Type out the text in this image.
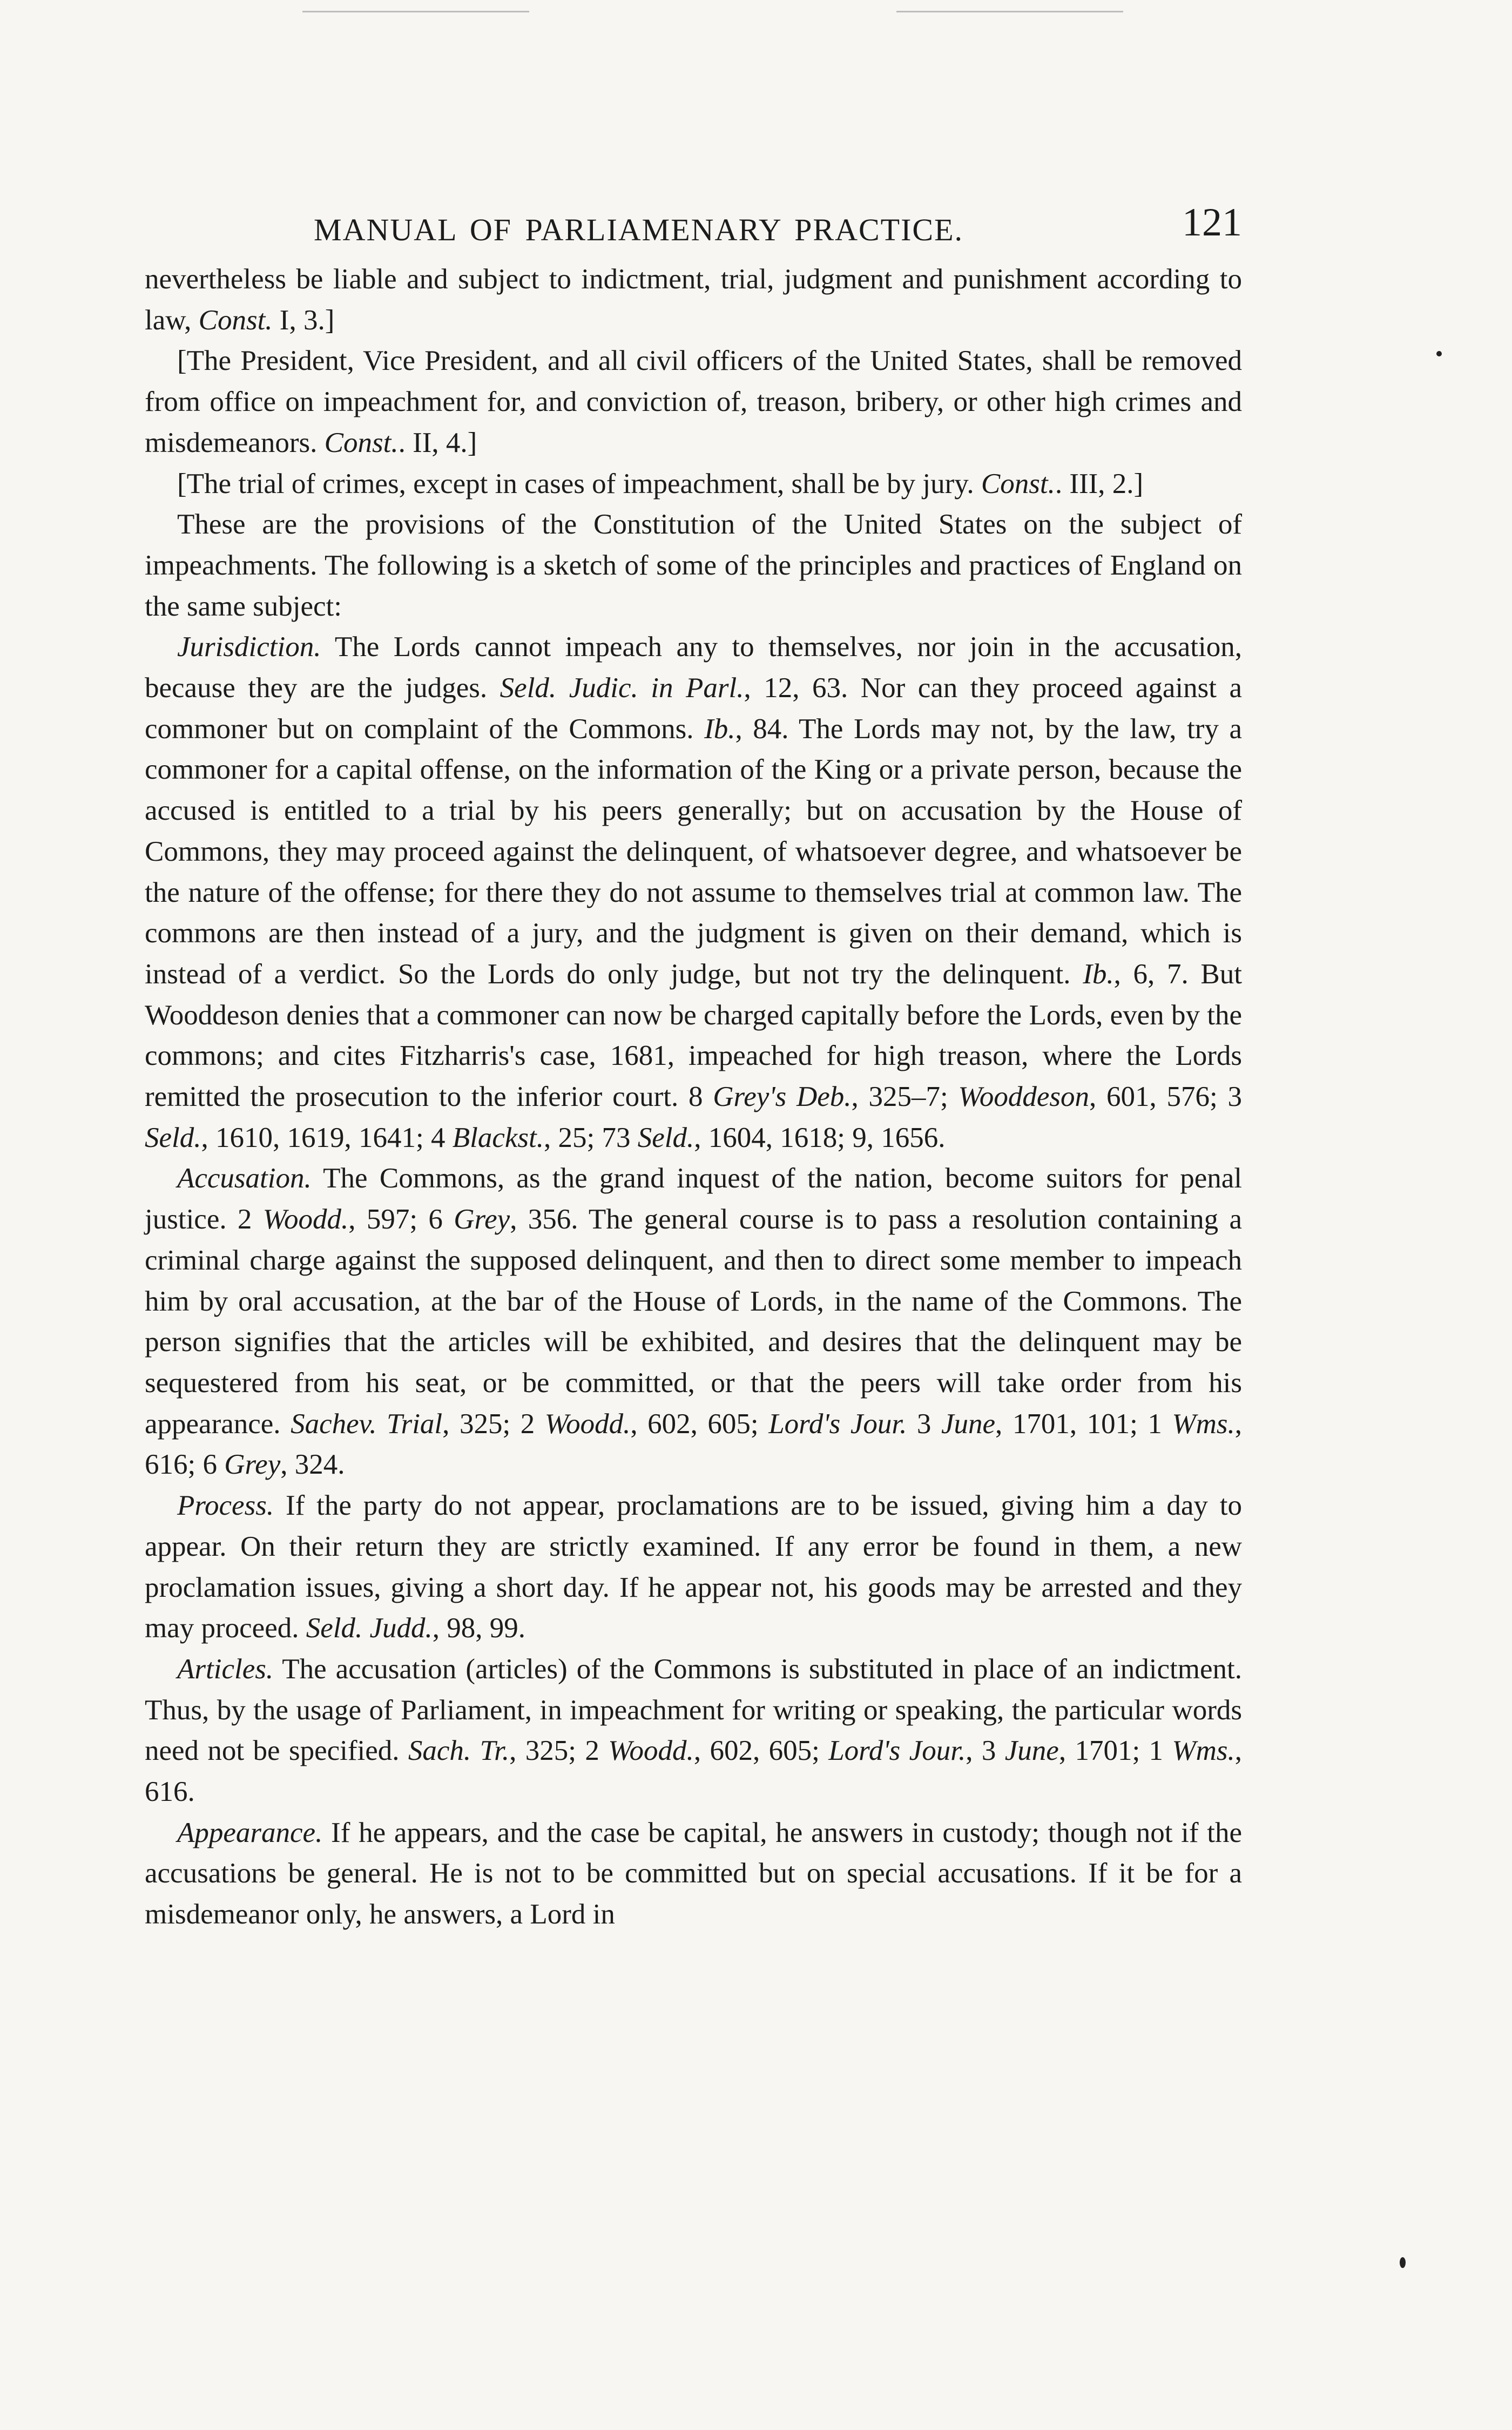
MANUAL OF PARLIAMENARY PRACTICE.	121

nevertheless be liable and subject to indictment, trial, judgment and punishment according to law, Const. I, 3.]

[The President, Vice President, and all civil officers of the United States, shall be removed from office on impeachment for, and conviction of, treason, bribery, or other high crimes and misdemeanors. Const.. II, 4.]

[The trial of crimes, except in cases of impeachment, shall be by jury. Const.. III, 2.]

These are the provisions of the Constitution of the United States on the subject of impeachments. The following is a sketch of some of the principles and practices of England on the same subject:

Jurisdiction. The Lords cannot impeach any to themselves, nor join in the accusation, because they are the judges. Seld. Judic. in Parl., 12, 63. Nor can they proceed against a commoner but on complaint of the Commons. Ib., 84. The Lords may not, by the law, try a commoner for a capital offense, on the information of the King or a private person, because the accused is entitled to a trial by his peers generally; but on accusation by the House of Commons, they may proceed against the delinquent, of whatsoever degree, and whatsoever be the nature of the offense; for there they do not assume to themselves trial at common law. The commons are then instead of a jury, and the judgment is given on their demand, which is instead of a verdict. So the Lords do only judge, but not try the delinquent. Ib., 6, 7. But Wooddeson denies that a commoner can now be charged capitally before the Lords, even by the commons; and cites Fitzharris's case, 1681, impeached for high treason, where the Lords remitted the prosecution to the inferior court. 8 Grey's Deb., 325–7; Wooddeson, 601, 576; 3 Seld., 1610, 1619, 1641; 4 Blackst., 25; 73 Seld., 1604, 1618; 9, 1656.

Accusation. The Commons, as the grand inquest of the nation, become suitors for penal justice. 2 Woodd., 597; 6 Grey, 356. The general course is to pass a resolution containing a criminal charge against the supposed delinquent, and then to direct some member to impeach him by oral accusation, at the bar of the House of Lords, in the name of the Commons. The person signifies that the articles will be exhibited, and desires that the delinquent may be sequestered from his seat, or be committed, or that the peers will take order from his appearance. Sachev. Trial, 325; 2 Woodd., 602, 605; Lord's Jour. 3 June, 1701, 101; 1 Wms., 616; 6 Grey, 324.

Process. If the party do not appear, proclamations are to be issued, giving him a day to appear. On their return they are strictly examined. If any error be found in them, a new proclamation issues, giving a short day. If he appear not, his goods may be arrested and they may proceed. Seld. Judd., 98, 99.

Articles. The accusation (articles) of the Commons is substituted in place of an indictment. Thus, by the usage of Parliament, in impeachment for writing or speaking, the particular words need not be specified. Sach. Tr., 325; 2 Woodd., 602, 605; Lord's Jour., 3 June, 1701; 1 Wms., 616.

Appearance. If he appears, and the case be capital, he answers in custody; though not if the accusations be general. He is not to be committed but on special accusations. If it be for a misdemeanor only, he answers, a Lord in
